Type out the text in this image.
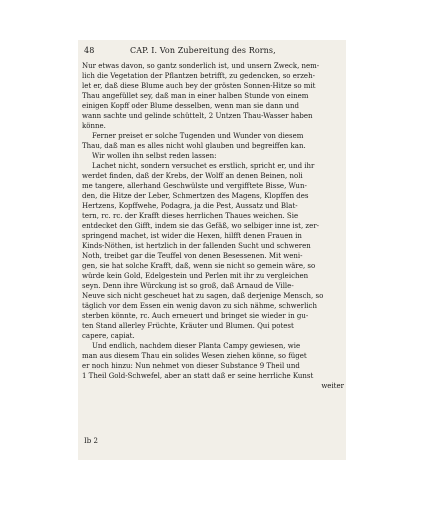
48	CAP. I. Von Zubereitung des Rorns,
Nur etwas davon, so gantz sonderlich ist, und unsern Zweck, nem-
lich die Vegetation der Pflantzen betrifft, zu gedencken, so erzeh-
let er, daß diese Blume auch bey der grösten Sonnen-Hitze so mit
Thau angefüllet sey, daß man in einer halben Stunde von einem
einigen Kopff oder Blume desselben, wenn man sie dann und
wann sachte und gelinde schüttelt, 2 Untzen Thau-Wasser haben
könne.
Ferner preiset er solche Tugenden und Wunder von diesem
Thau, daß man es alles nicht wohl glauben und begreiffen kan.
Wir wollen ihn selbst reden lassen:
Lachet nicht, sondern versuchet es erstlich, spricht er, und ihr
werdet finden, daß der Krebs, der Wolff an denen Beinen, noli
me tangere, allerhand Geschwülste und vergifftete Bisse, Wun-
den, die Hitze der Leber, Schmertzen des Magens, Klopffen des
Hertzens, Kopffwehe, Podagra, ja die Pest, Aussatz und Blat-
tern, rc. rc. der Krafft dieses herrlichen Thaues weichen. Sie
entdecket den Gifft, indem sie das Gefäß, wo selbiger inne ist, zer-
springend machet, ist wider die Hexen, hilfft denen Frauen in
Kinds-Nöthen, ist hertzlich in der fallenden Sucht und schweren
Noth, treibet gar die Teuffel von denen Besessenen. Mit weni-
gen, sie hat solche Krafft, daß, wenn sie nicht so gemein wäre, so
würde kein Gold, Edelgestein und Perlen mit ihr zu vergleichen
seyn. Denn ihre Würckung ist so groß, daß Arnaud de Ville-
Neuve sich nicht gescheuet hat zu sagen, daß derjenige Mensch, so
täglich vor dem Essen ein wenig davon zu sich nähme, schwerlich
sterben könnte, rc. Auch erneuert und bringet sie wieder in gu-
ten Stand allerley Früchte, Kräuter und Blumen. Qui potest
capere, capiat.
Und endlich, nachdem dieser Planta Campy gewiesen, wie
man aus diesem Thau ein solides Wesen ziehen könne, so füget
er noch hinzu: Nun nehmet von dieser Substance 9 Theil und
1 Theil Gold-Schwefel, aber an statt daß er seine herrliche Kunst
weiter
Ib 2
